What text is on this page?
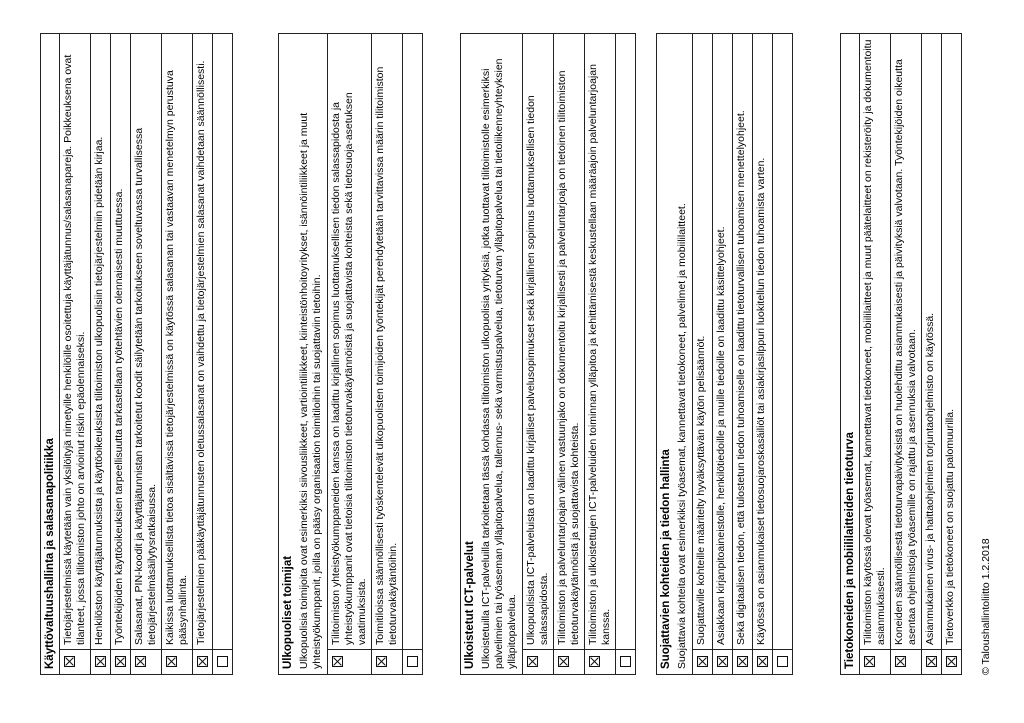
Käyttövaltuushallinta ja salasanapolitiikka
	Tietojärjestelmissä käytetään vain yksilöityjä nimetyille henkilöille osoitettuja käyttäjätunnus/salasanapareja. Poikkeuksena ovat tilanteet, jossa tilitoimiston johto on arvioinut riskin epäolennaiseksi.
	Henkilöston käyttäjätunnuksista ja käyttöoikeuksista tilitoimiston ulkopuolisiin tietojärjestelmiin pidetään kirjaa.
	Työntekijöiden käyttöoikeuksien tarpeellisuutta tarkastellaan työtehtävien olennaisesti muuttuessa.
	Salasanat, PIN-koodit ja käyttäjätunnistan tarkoitetut koodit säilytetään tarkoitukseen soveltuvassa turvallisessa tietojärjestelmäsäilytysratkaisussa.
	Kaikissa luottamuksellista tietoa sisältävissä tietojärjestelmissä on käytössä salasanan tai vastaavan menetelmyn perustuva pääsynhallinta.
	Tietojärjestelmien pääkäyttäjätunnusten oletussalasanat on vaihdettu ja tietojärjestelmien salasanat vaihdetaan säännöllisesti.
		Ulkopuoliset toimijat Ulkopuolisia toimijoita ovat esimerkiksi siivousliikkeet, vartiointiliikkeet, kiinteistönhoitoyritykset, isännöintiliikkeet ja muut yhteistyökumppanit, joilla on pääsy organisaation toimitiloihin tai suojattaviin tietoihin.
	Tilitoimiston yhteistyökumppaneiden kanssa on laadittu kirjallinen sopimus luottamuksellisen tiedon salassapidosta ja yhteistyökumppanit ovat tietoisia tilitoimiston tietoturvakäytännöistä ja suojattavista kohteista sekä tietosuoja-asetuksen vaatimuksista.
	Toimitiloissa säännöllisesti työskentelevät ulkopuolisten toimijoiden työntekijät perehdytetään tarvittavissa määrin tilitoimiston tietoturvakäytäntöihin.
		Ulkoistetut ICT-palvelut Ulkoistetuilla ICT-palveluilla tarkoitetaan tässä kohdassa tilitoimiston ulkopuolisia yrityksiä, jotka tuottavat tilitoimistolle esimerkiksi palvelimien tai työaseman ylläpitopalvelua, tallennus- sekä varmistuspalvelua, tietoturvan ylläpitopalvelua tai tietoliikenneyhteyksien ylläpitopalvelua.
	Ulkopuolisista ICT-palveluista on laadittu kirjalliset palvelusopimukset sekä kirjallinen sopimus luottamuksellisen tiedon salassapidosta.
	Tilitoimiston ja palveluntarjoajan välinen vastuunjako on dokumentoitu kirjallisesti ja palveluntarjoaja on tietoinen tilitoimiston tietoturvakäytännöistä ja suojattavista kohteista.
	Tilitoimiston ja ulkoistettujen ICT-palveluiden toiminnan ylläpitoa ja kehittämisestä keskustellaan määräajoin palveluntarjoajan kanssa.
		Suojattavien kohteiden ja tiedon hallinta Suojattavia kohteita ovat esimerkiksi työasemat, kannettavat tietokoneet, palvelimet ja mobiililaitteet.
	Suojattaville kohteille määritelty hyväksyttävän käytön pelisäännöt.
	Asiakkaan kirjanpitoaineistolle, henkilötiedoille ja muille tiedoille on laadittu käsittelyohjeet.
	Sekä digitaalisen tiedon, että tulostetun tiedon tuhoamiselle on laadittu tietoturvallisen tuhoamisen menettelyohjeet.
	Käytössä on asianmukaiset tietosuojaroskasäiliöt tai asiakirjasilppuri luokitellun tiedon tuhoamista varten.
		Tietokoneiden ja mobiililaitteiden tietoturva
	Tilitoimiston käytössä olevat työasemat, kannettavat tietokoneet, mobiililaitteet ja muut päätelaitteet on rekisteröity ja dokumentoitu asianmukaisesti.
	Koneiden säännöllisestä tietoturvapäivityksistä on huolehdittu asianmukaisesti ja päivityksiä valvotaan. Työntekijöiden oikeutta asentaa ohjelmistoja työasemille on rajattu ja asennuksia valvotaan.
	Asianmukainen virus- ja haittaohjelmien torjuntaohjelmisto on käytössä.
	Tietoverkko ja tietokoneet on suojattu palomuurilla. © Taloushallintoliitto 1.2.2018
